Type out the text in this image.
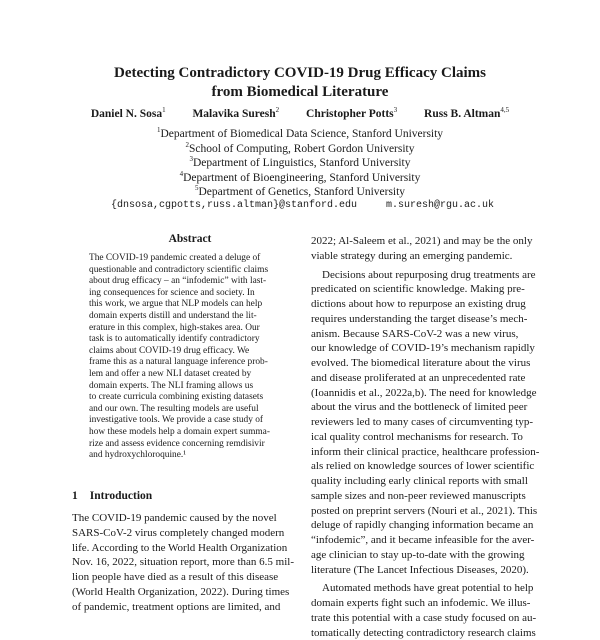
Detecting Contradictory COVID-19 Drug Efficacy Claims
from Biomedical Literature
Daniel N. Sosa$^1$ Malavika Suresh$^2$ Christopher Potts$^3$ Russ B. Altman$^{4,5}$
$^1$Department of Biomedical Data Science, Stanford University
$^2$School of Computing, Robert Gordon University
$^3$Department of Linguistics, Stanford University
$^4$Department of Bioengineering, Stanford University
$^5$Department of Genetics, Stanford University
{dnsosa,cgpotts,russ.altman}@stanford.edu	m.suresh@rgu.ac.uk
Abstract
The COVID-19 pandemic created a deluge of
questionable and contradictory scientific claims
about drug efficacy – an “infodemic” with last-
ing consequences for science and society. In
this work, we argue that NLP models can help
domain experts distill and understand the lit-
erature in this complex, high-stakes area. Our
task is to automatically identify contradictory
claims about COVID-19 drug efficacy. We
frame this as a natural language inference prob-
lem and offer a new NLI dataset created by
domain experts. The NLI framing allows us
to create curricula combining existing datasets
and our own. The resulting models are useful
investigative tools. We provide a case study of
how these models help a domain expert summa-
rize and assess evidence concerning remdisivir
and hydroxychloroquine.¹
1 Introduction
The COVID-19 pandemic caused by the novel
SARS-CoV-2 virus completely changed modern
life. According to the World Health Organization
Nov. 16, 2022, situation report, more than 6.5 mil-
lion people have died as a result of this disease
(World Health Organization, 2022). During times
of pandemic, treatment options are limited, and
2022; Al-Saleem et al., 2021) and may be the only
viable strategy during an emerging pandemic.
Decisions about repurposing drug treatments are
predicated on scientific knowledge. Making pre-
dictions about how to repurpose an existing drug
requires understanding the target disease’s mech-
anism. Because SARS-CoV-2 was a new virus,
our knowledge of COVID-19’s mechanism rapidly
evolved. The biomedical literature about the virus
and disease proliferated at an unprecedented rate
(Ioannidis et al., 2022a,b). The need for knowledge
about the virus and the bottleneck of limited peer
reviewers led to many cases of circumventing typ-
ical quality control mechanisms for research. To
inform their clinical practice, healthcare profession-
als relied on knowledge sources of lower scientific
quality including early clinical reports with small
sample sizes and non-peer reviewed manuscripts
posted on preprint servers (Nouri et al., 2021). This
deluge of rapidly changing information became an
“infodemic”, and it became infeasible for the aver-
age clinician to stay up-to-date with the growing
literature (The Lancet Infectious Diseases, 2020).
Automated methods have great potential to help
domain experts fight such an infodemic. We illus-
trate this potential with a case study focused on au-
tomatically detecting contradictory research claims
